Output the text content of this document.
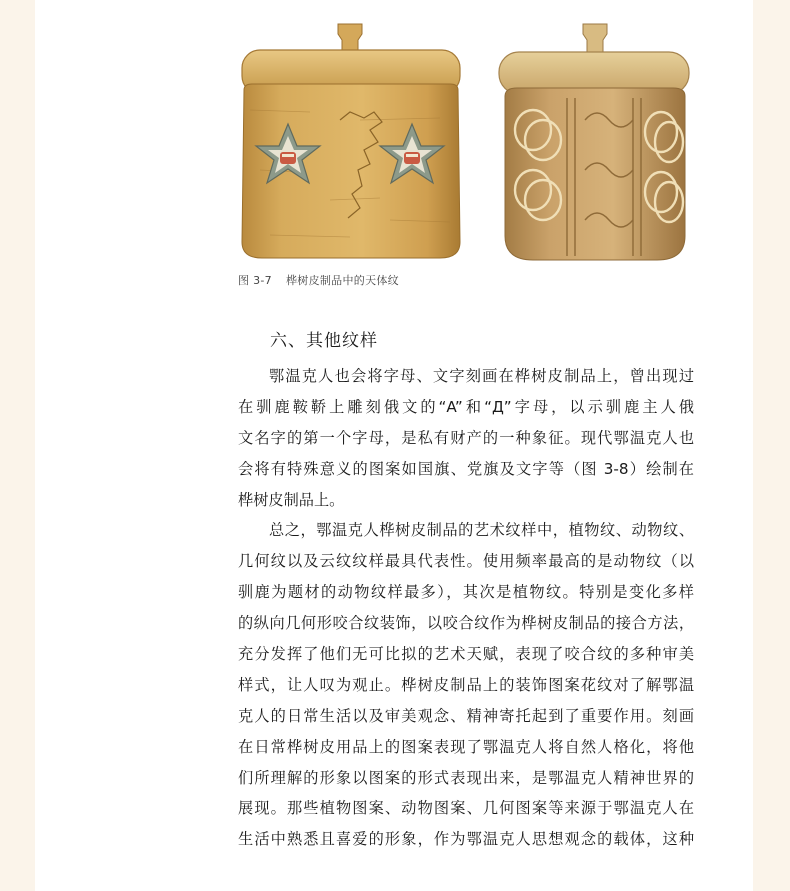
图 3-7 桦树皮制品中的天体纹
六、其他纹样
鄂温克人也会将字母、文字刻画在桦树皮制品上，曾出现过
在驯鹿鞍鞒上雕刻俄文的“A”和“Д”字母，以示驯鹿主人俄
文名字的第一个字母，是私有财产的一种象征。现代鄂温克人也
会将有特殊意义的图案如国旗、党旗及文字等（图 3-8）绘制在
桦树皮制品上。
总之，鄂温克人桦树皮制品的艺术纹样中，植物纹、动物纹、
几何纹以及云纹纹样最具代表性。使用频率最高的是动物纹（以
驯鹿为题材的动物纹样最多），其次是植物纹。特别是变化多样
的纵向几何形咬合纹装饰，以咬合纹作为桦树皮制品的接合方法，
充分发挥了他们无可比拟的艺术天赋，表现了咬合纹的多种审美
样式，让人叹为观止。桦树皮制品上的装饰图案花纹对了解鄂温
克人的日常生活以及审美观念、精神寄托起到了重要作用。刻画
在日常桦树皮用品上的图案表现了鄂温克人将自然人格化，将他
们所理解的形象以图案的形式表现出来，是鄂温克人精神世界的
展现。那些植物图案、动物图案、几何图案等来源于鄂温克人在
生活中熟悉且喜爱的形象，作为鄂温克人思想观念的载体，这种
